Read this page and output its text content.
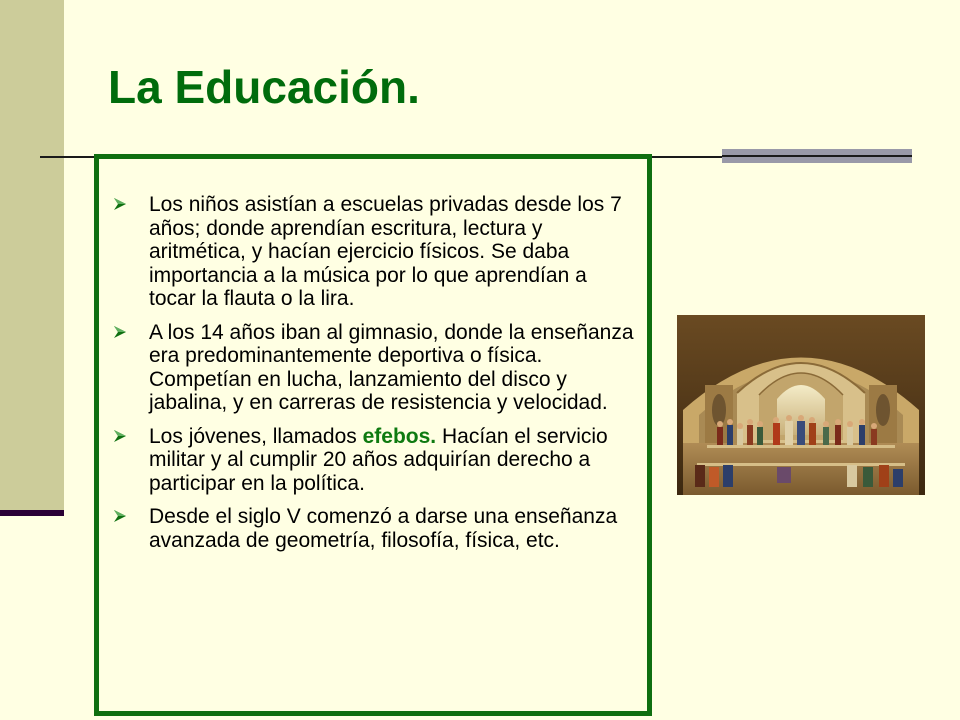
La Educación.
Los niños asistían a escuelas privadas desde los 7 años; donde aprendían escritura, lectura y aritmética, y hacían ejercicio físicos. Se daba importancia a la música por lo que aprendían a tocar la flauta o la lira.
A los 14 años iban al gimnasio, donde la enseñanza era predominantemente deportiva o física. Competían en lucha, lanzamiento del disco y jabalina, y en carreras de resistencia y velocidad.
Los jóvenes, llamados efebos. Hacían el servicio militar y al cumplir 20 años adquirían derecho a participar en la política.
Desde el siglo V comenzó a darse una enseñanza avanzada de geometría, filosofía, física, etc.
